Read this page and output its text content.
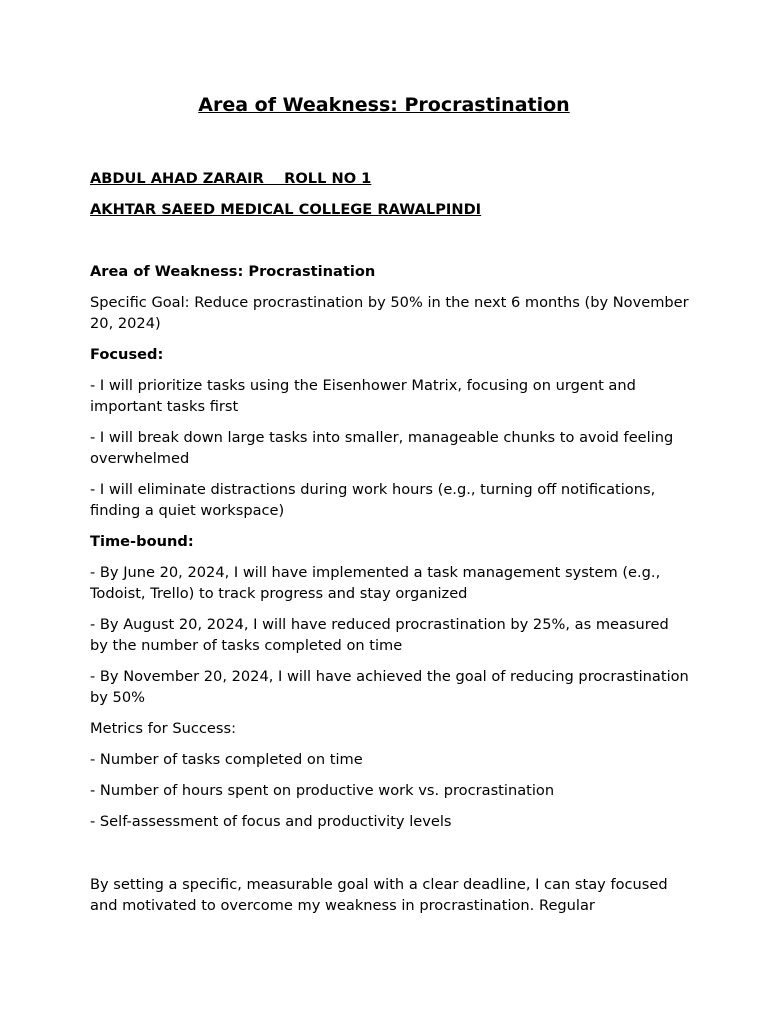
Area of Weakness: Procrastination

ABDUL AHAD ZARAIR    ROLL NO 1

AKHTAR SAEED MEDICAL COLLEGE RAWALPINDI

Area of Weakness: Procrastination

Specific Goal: Reduce procrastination by 50% in the next 6 months (by November 20, 2024)

Focused:

- I will prioritize tasks using the Eisenhower Matrix, focusing on urgent and important tasks first

- I will break down large tasks into smaller, manageable chunks to avoid feeling overwhelmed

- I will eliminate distractions during work hours (e.g., turning off notifications, finding a quiet workspace)

Time-bound:

- By June 20, 2024, I will have implemented a task management system (e.g., Todoist, Trello) to track progress and stay organized

- By August 20, 2024, I will have reduced procrastination by 25%, as measured by the number of tasks completed on time

- By November 20, 2024, I will have achieved the goal of reducing procrastination by 50%

Metrics for Success:

- Number of tasks completed on time

- Number of hours spent on productive work vs. procrastination

- Self-assessment of focus and productivity levels

By setting a specific, measurable goal with a clear deadline, I can stay focused and motivated to overcome my weakness in procrastination. Regular
